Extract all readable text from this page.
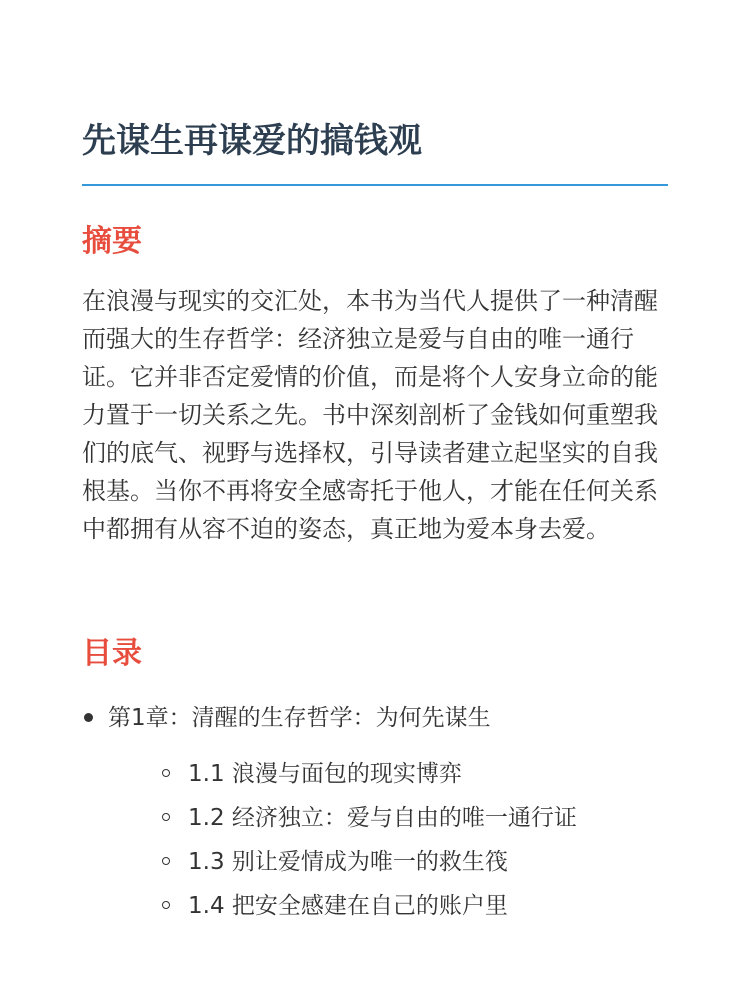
先谋生再谋爱的搞钱观
摘要

在浪漫与现实的交汇处，本书为当代人提供了一种清醒而强大的生存哲学：经济独立是爱与自由的唯一通行证。它并非否定爱情的价值，而是将个人安身立命的能力置于一切关系之先。书中深刻剖析了金钱如何重塑我们的底气、视野与选择权，引导读者建立起坚实的自我根基。当你不再将安全感寄托于他人，才能在任何关系中都拥有从容不迫的姿态，真正地为爱本身去爱。

目录
第1章：清醒的生存哲学：为何先谋生
1.1 浪漫与面包的现实博弈
1.2 经济独立：爱与自由的唯一通行证
1.3 别让爱情成为唯一的救生筏
1.4 把安全感建在自己的账户里
